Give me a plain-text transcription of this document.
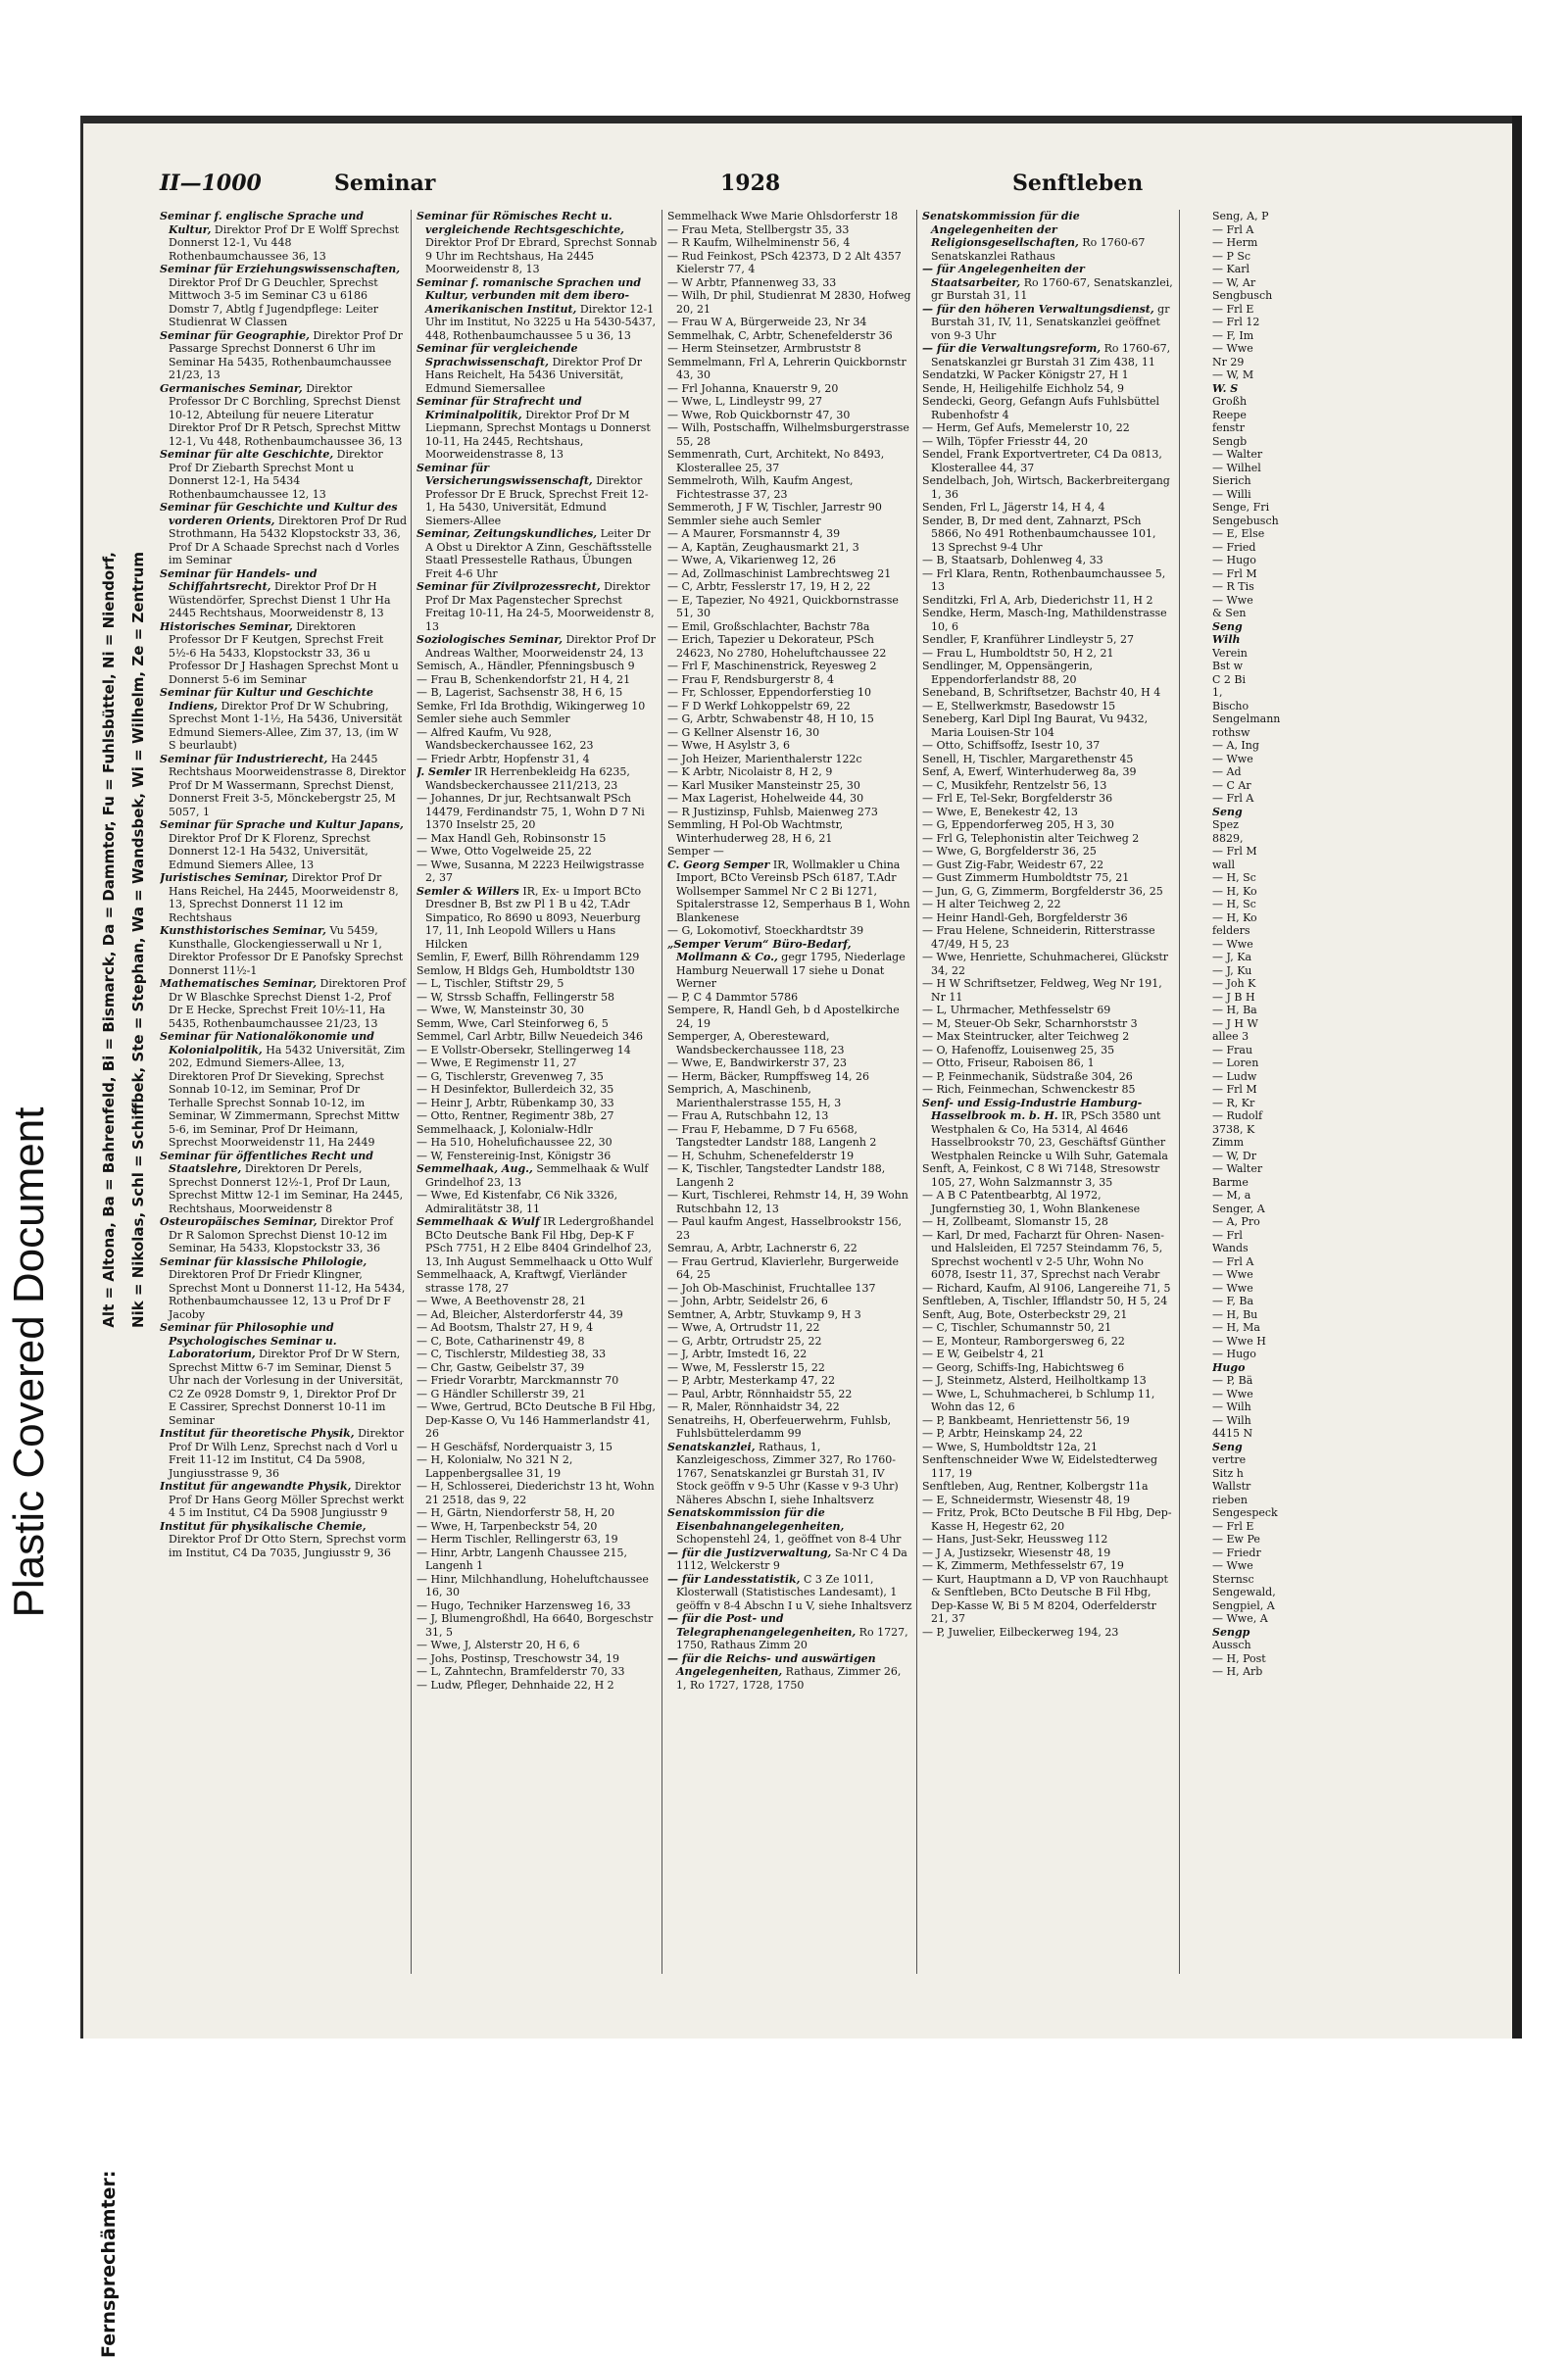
Plastic Covered Document
II—1000	Seminar	1928	Senftleben
Fernsprechämter:
Alt = Altona, Ba = Bahrenfeld, Bi = Bismarck, Da = Dammtor, Fu = Fuhlsbüttel, Ni = Niendorf, Nik = Nikolas, Schl = Schiffbek, Ste = Stephan, Wa = Wandsbek, Wi = Wilhelm, Ze = Zentrum

Seminar f. englische Sprache und Kultur, Direktor Prof Dr E Wolff Sprechst Donnerst 12-1, Vu 448 Rothenbaumchaussee 36, 13

Seminar für Erziehungswissenschaften, Direktor Prof Dr G Deuchler, Sprechst Mittwoch 3-5 im Seminar C3 u 6186 Domstr 7, Abtlg f Jugendpflege: Leiter Studienrat W Classen

Seminar für Geographie, Direktor Prof Dr Passarge Sprechst Donnerst 6 Uhr im Seminar Ha 5435, Rothenbaumchaussee 21/23, 13

Germanisches Seminar, Direktor Professor Dr C Borchling, Sprechst Dienst 10-12, Abteilung für neuere Literatur Direktor Prof Dr R Petsch, Sprechst Mittw 12-1, Vu 448, Rothenbaumchaussee 36, 13

Seminar für alte Geschichte, Direktor Prof Dr Ziebarth Sprechst Mont u Donnerst 12-1, Ha 5434 Rothenbaumchaussee 12, 13

Seminar für Geschichte und Kultur des vorderen Orients, Direktoren Prof Dr Rud Strothmann, Ha 5432 Klopstockstr 33, 36, Prof Dr A Schaade Sprechst nach d Vorles im Seminar

Seminar für Handels- und Schiffahrtsrecht, Direktor Prof Dr H Wüstendörfer, Sprechst Dienst 1 Uhr Ha 2445 Rechtshaus, Moorweidenstr 8, 13

Historisches Seminar, Direktoren Professor Dr F Keutgen, Sprechst Freit 5½-6 Ha 5433, Klopstockstr 33, 36 u Professor Dr J Hashagen Sprechst Mont u Donnerst 5-6 im Seminar

Seminar für Kultur und Geschichte Indiens, Direktor Prof Dr W Schubring, Sprechst Mont 1-1½, Ha 5436, Universität Edmund Siemers-Allee, Zim 37, 13, (im W S beurlaubt)

Seminar für Industrierecht, Ha 2445 Rechtshaus Moorweidenstrasse 8, Direktor Prof Dr M Wassermann, Sprechst Dienst, Donnerst Freit 3-5, Mönckebergstr 25, M 5057, 1

Seminar für Sprache und Kultur Japans, Direktor Prof Dr K Florenz, Sprechst Donnerst 12-1 Ha 5432, Universität, Edmund Siemers Allee, 13

Juristisches Seminar, Direktor Prof Dr Hans Reichel, Ha 2445, Moorweidenstr 8, 13, Sprechst Donnerst 11 12 im Rechtshaus

Kunsthistorisches Seminar, Vu 5459, Kunsthalle, Glockengiesserwall u Nr 1, Direktor Professor Dr E Panofsky Sprechst Donnerst 11½-1

Mathematisches Seminar, Direktoren Prof Dr W Blaschke Sprechst Dienst 1-2, Prof Dr E Hecke, Sprechst Freit 10½-11, Ha 5435, Rothenbaumchaussee 21/23, 13

Seminar für Nationalökonomie und Kolonialpolitik, Ha 5432 Universität, Zim 202, Edmund Siemers-Allee, 13, Direktoren Prof Dr Sieveking, Sprechst Sonnab 10-12, im Seminar, Prof Dr Terhalle Sprechst Sonnab 10-12, im Seminar, W Zimmermann, Sprechst Mittw 5-6, im Seminar, Prof Dr Heimann, Sprechst Moorweidenstr 11, Ha 2449

Seminar für öffentliches Recht und Staatslehre, Direktoren Dr Perels, Sprechst Donnerst 12½-1, Prof Dr Laun, Sprechst Mittw 12-1 im Seminar, Ha 2445, Rechtshaus, Moorweidenstr 8

Osteuropäisches Seminar, Direktor Prof Dr R Salomon Sprechst Dienst 10-12 im Seminar, Ha 5433, Klopstockstr 33, 36

Seminar für klassische Philologie, Direktoren Prof Dr Friedr Klingner, Sprechst Mont u Donnerst 11-12, Ha 5434, Rothenbaumchaussee 12, 13 u Prof Dr F Jacoby

Seminar für Philosophie und Psychologisches Seminar u. Laboratorium, Direktor Prof Dr W Stern, Sprechst Mittw 6-7 im Seminar, Dienst 5 Uhr nach der Vorlesung in der Universität, C2 Ze 0928 Domstr 9, 1, Direktor Prof Dr E Cassirer, Sprechst Donnerst 10-11 im Seminar

Institut für theoretische Physik, Direktor Prof Dr Wilh Lenz, Sprechst nach d Vorl u Freit 11-12 im Institut, C4 Da 5908, Jungiusstrasse 9, 36

Institut für angewandte Physik, Direktor Prof Dr Hans Georg Möller Sprechst werkt 4 5 im Institut, C4 Da 5908 Jungiusstr 9

Institut für physikalische Chemie, Direktor Prof Dr Otto Stern, Sprechst vorm im Institut, C4 Da 7035, Jungiusstr 9, 36

Seminar für Römisches Recht u. vergleichende Rechtsgeschichte, Direktor Prof Dr Ebrard, Sprechst Sonnab 9 Uhr im Rechtshaus, Ha 2445 Moorweidenstr 8, 13

Seminar f. romanische Sprachen und Kultur, verbunden mit dem ibero-Amerikanischen Institut, Direktor 12-1 Uhr im Institut, No 3225 u Ha 5430-5437, 448, Rothenbaumchaussee 5 u 36, 13

Seminar für vergleichende Sprachwissenschaft, Direktor Prof Dr Hans Reichelt, Ha 5436 Universität, Edmund Siemersallee

Seminar für Strafrecht und Kriminalpolitik, Direktor Prof Dr M Liepmann, Sprechst Montags u Donnerst 10-11, Ha 2445, Rechtshaus, Moorweidenstrasse 8, 13

Seminar für Versicherungswissenschaft, Direktor Professor Dr E Bruck, Sprechst Freit 12-1, Ha 5430, Universität, Edmund Siemers-Allee

Seminar, Zeitungskundliches, Leiter Dr A Obst u Direktor A Zinn, Geschäftsstelle Staatl Pressestelle Rathaus, Übungen Freit 4-6 Uhr

Seminar für Zivilprozessrecht, Direktor Prof Dr Max Pagenstecher Sprechst Freitag 10-11, Ha 24-5, Moorweidenstr 8, 13

Soziologisches Seminar, Direktor Prof Dr Andreas Walther, Moorweidenstr 24, 13

Semisch, A., Händler, Pfenningsbusch 9

— Frau B, Schenkendorfstr 21, H 4, 21

— B, Lagerist, Sachsenstr 38, H 6, 15

Semke, Frl Ida Brothdig, Wikingerweg 10

Semler siehe auch Semmler

— Alfred Kaufm, Vu 928, Wandsbeckerchaussee 162, 23

— Friedr Arbtr, Hopfenstr 31, 4

J. Semler IR Herrenbekleidg Ha 6235, Wandsbeckerchaussee 211/213, 23

— Johannes, Dr jur, Rechtsanwalt PSch 14479, Ferdinandstr 75, 1, Wohn D 7 Ni 1370 Inselstr 25, 20

— Max Handl Geh, Robinsonstr 15

— Wwe, Otto Vogelweide 25, 22

— Wwe, Susanna, M 2223 Heilwigstrasse 2, 37

Semler & Willers IR, Ex- u Import BCto Dresdner B, Bst zw Pl 1 B u 42, T.Adr Simpatico, Ro 8690 u 8093, Neuerburg 17, 11, Inh Leopold Willers u Hans Hilcken

Semlin, F, Ewerf, Billh Röhrendamm 129

Semlow, H Bldgs Geh, Humboldtstr 130

— L, Tischler, Stiftstr 29, 5

— W, Strssb Schaffn, Fellingerstr 58

— Wwe, W, Mansteinstr 30, 30

Semm, Wwe, Carl Steinforweg 6, 5

Semmel, Carl Arbtr, Billw Neuedeich 346

— E Vollstr-Obersekr, Stellingerweg 14

— Wwe, E Regimenstr 11, 27

— G, Tischlerstr, Grevenweg 7, 35

— H Desinfektor, Bullerdeich 32, 35

— Heinr J, Arbtr, Rübenkamp 30, 33

— Otto, Rentner, Regimentr 38b, 27

Semmelhaack, J, Kolonialw-Hdlr

— Ha 510, Hohelufichaussee 22, 30

— W, Fenstereinig-Inst, Königstr 36

Semmelhaak, Aug., Semmelhaak & Wulf Grindelhof 23, 13

— Wwe, Ed Kistenfabr, C6 Nik 3326, Admiralitätstr 38, 11

Semmelhaak & Wulf IR Ledergroßhandel BCto Deutsche Bank Fil Hbg, Dep-K F PSch 7751, H 2 Elbe 8404 Grindelhof 23, 13, Inh August Semmelhaack u Otto Wulf

Semmelhaack, A, Kraftwgf, Vierländer strasse 178, 27

— Wwe, A Beethovenstr 28, 21

— Ad, Bleicher, Alsterdorferstr 44, 39

— Ad Bootsm, Thalstr 27, H 9, 4

— C, Bote, Catharinenstr 49, 8

— C, Tischlerstr, Mildestieg 38, 33

— Chr, Gastw, Geibelstr 37, 39

— Friedr Vorarbtr, Marckmannstr 70

— G Händler Schillerstr 39, 21

— Wwe, Gertrud, BCto Deutsche B Fil Hbg, Dep-Kasse O, Vu 146 Hammerlandstr 41, 26

— H Geschäfsf, Norderquaistr 3, 15

— H, Kolonialw, No 321 N 2, Lappenbergsallee 31, 19

— H, Schlosserei, Diederichstr 13 ht, Wohn 21 2518, das 9, 22

— H, Gärtn, Niendorferstr 58, H, 20

— Wwe, H, Tarpenbeckstr 54, 20

— Herm Tischler, Rellingerstr 63, 19

— Hinr, Arbtr, Langenh Chaussee 215, Langenh 1

— Hinr, Milchhandlung, Hoheluftchaussee 16, 30

— Hugo, Techniker Harzensweg 16, 33

— J, Blumengroßhdl, Ha 6640, Borgeschstr 31, 5

— Wwe, J, Alsterstr 20, H 6, 6

— Johs, Postinsp, Treschowstr 34, 19

— L, Zahntechn, Bramfelderstr 70, 33

— Ludw, Pfleger, Dehnhaide 22, H 2

Semmelhack Wwe Marie Ohlsdorferstr 18

— Frau Meta, Stellbergstr 35, 33

— R Kaufm, Wilhelminenstr 56, 4

— Rud Feinkost, PSch 42373, D 2 Alt 4357 Kielerstr 77, 4

— W Arbtr, Pfannenweg 33, 33

— Wilh, Dr phil, Studienrat M 2830, Hofweg 20, 21

— Frau W A, Bürgerweide 23, Nr 34

Semmelhak, C, Arbtr, Schenefelderstr 36

— Herm Steinsetzer, Armbruststr 8

Semmelmann, Frl A, Lehrerin Quickbornstr 43, 30

— Frl Johanna, Knauerstr 9, 20

— Wwe, L, Lindleystr 99, 27

— Wwe, Rob Quickbornstr 47, 30

— Wilh, Postschaffn, Wilhelmsburgerstrasse 55, 28

Semmenrath, Curt, Architekt, No 8493, Klosterallee 25, 37

Semmelroth, Wilh, Kaufm Angest, Fichtestrasse 37, 23

Semmeroth, J F W, Tischler, Jarrestr 90

Semmler siehe auch Semler

— A Maurer, Forsmannstr 4, 39

— A, Kaptän, Zeughausmarkt 21, 3

— Wwe, A, Vikarienweg 12, 26

— Ad, Zollmaschinist Lambrechtsweg 21

— C, Arbtr, Fesslerstr 17, 19, H 2, 22

— E, Tapezier, No 4921, Quickbornstrasse 51, 30

— Emil, Großschlachter, Bachstr 78a

— Erich, Tapezier u Dekorateur, PSch 24623, No 2780, Hoheluftchaussee 22

— Frl F, Maschinenstrick, Reyesweg 2

— Frau F, Rendsburgerstr 8, 4

— Fr, Schlosser, Eppendorferstieg 10

— F D Werkf Lohkoppelstr 69, 22

— G, Arbtr, Schwabenstr 48, H 10, 15

— G Kellner Alsenstr 16, 30

— Wwe, H Asylstr 3, 6

— Joh Heizer, Marienthalerstr 122c

— K Arbtr, Nicolaistr 8, H 2, 9

— Karl Musiker Mansteinstr 25, 30

— Max Lagerist, Hohelweide 44, 30

— R Justizinsp, Fuhlsb, Maienweg 273

Semmling, H Pol-Ob Wachtmstr, Winterhuderweg 28, H 6, 21

Semper —

C. Georg Semper IR, Wollmakler u China Import, BCto Vereinsb PSch 6187, T.Adr Wollsemper Sammel Nr C 2 Bi 1271, Spitalerstrasse 12, Semperhaus B 1, Wohn Blankenese

— G, Lokomotivf, Stoeckhardtstr 39

„Semper Verum“ Büro-Bedarf, Mollmann & Co., gegr 1795, Niederlage Hamburg Neuerwall 17 siehe u Donat Werner

— P, C 4 Dammtor 5786

Sempere, R, Handl Geh, b d Apostelkirche 24, 19

Semperger, A, Oberesteward, Wandsbeckerchaussee 118, 23

— Wwe, E, Bandwirkerstr 37, 23

— Herm, Bäcker, Rumpffsweg 14, 26

Semprich, A, Maschinenb, Marienthalerstrasse 155, H, 3

— Frau A, Rutschbahn 12, 13

— Frau F, Hebamme, D 7 Fu 6568, Tangstedter Landstr 188, Langenh 2

— H, Schuhm, Schenefelderstr 19

— K, Tischler, Tangstedter Landstr 188, Langenh 2

— Kurt, Tischlerei, Rehmstr 14, H, 39 Wohn Rutschbahn 12, 13

— Paul kaufm Angest, Hasselbrookstr 156, 23

Semrau, A, Arbtr, Lachnerstr 6, 22

— Frau Gertrud, Klavierlehr, Burgerweide 64, 25

— Joh Ob-Maschinist, Fruchtallee 137

— John, Arbtr, Seidelstr 26, 6

Semtner, A, Arbtr, Stuvkamp 9, H 3

— Wwe, A, Ortrudstr 11, 22

— G, Arbtr, Ortrudstr 25, 22

— J, Arbtr, Imstedt 16, 22

— Wwe, M, Fesslerstr 15, 22

— P, Arbtr, Mesterkamp 47, 22

— Paul, Arbtr, Rönnhaidstr 55, 22

— R, Maler, Rönnhaidstr 34, 22

Senatreihs, H, Oberfeuerwehrm, Fuhlsb, Fuhlsbüttelerdamm 99

Senatskanzlei, Rathaus, 1, Kanzleigeschoss, Zimmer 327, Ro 1760-1767, Senatskanzlei gr Burstah 31, IV Stock geöffn v 9-5 Uhr (Kasse v 9-3 Uhr) Näheres Abschn I, siehe Inhaltsverz

Senatskommission für die Eisenbahnangelegenheiten, Schopenstehl 24, 1, geöffnet von 8-4 Uhr

— für die Justizverwaltung, Sa-Nr C 4 Da 1112, Welckerstr 9

— für Landesstatistik, C 3 Ze 1011, Klosterwall (Statistisches Landesamt), 1 geöffn v 8-4 Abschn I u V, siehe Inhaltsverz

— für die Post- und Telegraphenangelegenheiten, Ro 1727, 1750, Rathaus Zimm 20

— für die Reichs- und auswärtigen Angelegenheiten, Rathaus, Zimmer 26, 1, Ro 1727, 1728, 1750

Senatskommission für die Angelegenheiten der Religionsgesellschaften, Ro 1760-67 Senatskanzlei Rathaus

— für Angelegenheiten der Staatsarbeiter, Ro 1760-67, Senatskanzlei, gr Burstah 31, 11

— für den höheren Verwaltungsdienst, gr Burstah 31, IV, 11, Senatskanzlei geöffnet von 9-3 Uhr

— für die Verwaltungsreform, Ro 1760-67, Senatskanzlei gr Burstah 31 Zim 438, 11

Sendatzki, W Packer Königstr 27, H 1

Sende, H, Heiligehilfe Eichholz 54, 9

Sendecki, Georg, Gefangn Aufs Fuhlsbüttel Rubenhofstr 4

— Herm, Gef Aufs, Memelerstr 10, 22

— Wilh, Töpfer Friesstr 44, 20

Sendel, Frank Exportvertreter, C4 Da 0813, Klosterallee 44, 37

Sendelbach, Joh, Wirtsch, Backerbreitergang 1, 36

Senden, Frl L, Jägerstr 14, H 4, 4

Sender, B, Dr med dent, Zahnarzt, PSch 5866, No 491 Rothenbaumchaussee 101, 13 Sprechst 9-4 Uhr

— B, Staatsarb, Dohlenweg 4, 33

— Frl Klara, Rentn, Rothenbaumchaussee 5, 13

Senditzki, Frl A, Arb, Diederichstr 11, H 2

Sendke, Herm, Masch-Ing, Mathildenstrasse 10, 6

Sendler, F, Kranführer Lindleystr 5, 27

— Frau L, Humboldtstr 50, H 2, 21

Sendlinger, M, Oppensängerin, Eppendorferlandstr 88, 20

Seneband, B, Schriftsetzer, Bachstr 40, H 4

— E, Stellwerkmstr, Basedowstr 15

Seneberg, Karl Dipl Ing Baurat, Vu 9432, Maria Louisen-Str 104

— Otto, Schiffsoffz, Isestr 10, 37

Senell, H, Tischler, Margarethenstr 45

Senf, A, Ewerf, Winterhuderweg 8a, 39

— C, Musikfehr, Rentzelstr 56, 13

— Frl E, Tel-Sekr, Borgfelderstr 36

— Wwe, E, Benekestr 42, 13

— G, Eppendorferweg 205, H 3, 30

— Frl G, Telephonistin alter Teichweg 2

— Wwe, G, Borgfelderstr 36, 25

— Gust Zig-Fabr, Weidestr 67, 22

— Gust Zimmerm Humboldtstr 75, 21

— Jun, G, G, Zimmerm, Borgfelderstr 36, 25

— H alter Teichweg 2, 22

— Heinr Handl-Geh, Borgfelderstr 36

— Frau Helene, Schneiderin, Ritterstrasse 47/49, H 5, 23

— Wwe, Henriette, Schuhmacherei, Glückstr 34, 22

— H W Schriftsetzer, Feldweg, Weg Nr 191, Nr 11

— L, Uhrmacher, Methfesselstr 69

— M, Steuer-Ob Sekr, Scharnhorststr 3

— Max Steintrucker, alter Teichweg 2

— O, Hafenoffz, Louisenweg 25, 35

— Otto, Friseur, Raboisen 86, 1

— P, Feinmechanik, Südstraße 304, 26

— Rich, Feinmechan, Schwenckestr 85

Senf- und Essig-Industrie Hamburg-Hasselbrook m. b. H. IR, PSch 3580 unt Westphalen & Co, Ha 5314, Al 4646 Hasselbrookstr 70, 23, Geschäftsf Günther Westphalen Reincke u Wilh Suhr, Gatemala

Senft, A, Feinkost, C 8 Wi 7148, Stresowstr 105, 27, Wohn Salzmannstr 3, 35

— A B C Patentbearbtg, Al 1972, Jungfernstieg 30, 1, Wohn Blankenese

— H, Zollbeamt, Slomanstr 15, 28

— Karl, Dr med, Facharzt für Ohren- Nasen- und Halsleiden, El 7257 Steindamm 76, 5, Sprechst wochentl v 2-5 Uhr, Wohn No 6078, Isestr 11, 37, Sprechst nach Verabr

— Richard, Kaufm, Al 9106, Langereihe 71, 5

Senftleben, A, Tischler, Ifflandstr 50, H 5, 24

Senft, Aug, Bote, Osterbeckstr 29, 21

— C, Tischler, Schumannstr 50, 21

— E, Monteur, Ramborgersweg 6, 22

— E W, Geibelstr 4, 21

— Georg, Schiffs-Ing, Habichtsweg 6

— J, Steinmetz, Alsterd, Heilholtkamp 13

— Wwe, L, Schuhmacherei, b Schlump 11, Wohn das 12, 6

— P, Bankbeamt, Henriettenstr 56, 19

— P, Arbtr, Heinskamp 24, 22

— Wwe, S, Humboldtstr 12a, 21

Senftenschneider Wwe W, Eidelstedterweg 117, 19

Senftleben, Aug, Rentner, Kolbergstr 11a

— E, Schneidermstr, Wiesenstr 48, 19

— Fritz, Prok, BCto Deutsche B Fil Hbg, Dep-Kasse H, Hegestr 62, 20

— Hans, Just-Sekr, Heussweg 112

— J A, Justizsekr, Wiesenstr 48, 19

— K, Zimmerm, Methfesselstr 67, 19

— Kurt, Hauptmann a D, VP von Rauchhaupt & Senftleben, BCto Deutsche B Fil Hbg, Dep-Kasse W, Bi 5 M 8204, Oderfelderstr 21, 37

— P, Juwelier, Eilbeckerweg 194, 23

Seng, A, P

— Frl A

— Herm

— P Sc

— Karl

— W, Ar

Sengbusch

— Frl E

— Frl 12

— F, Im

— Wwe

Nr 29

— W, M

W. S

Großh

Reepe

fenstr

Sengb

— Walter

— Wilhel

Sierich

— Willi

Senge, Fri

Sengebusch

— E, Else

— Fried

— Hugo

— Frl M

— R Tis

— Wwe

& Sen

Seng

Wilh

Verein

Bst w

C 2 Bi

1,

Bischo

Sengelmann

rothsw

— A, Ing

— Wwe

— Ad

— C Ar

— Frl A

Seng

Spez

8829,

— Frl M

wall

— H, Sc

— H, Ko

— H, Sc

— H, Ko

felders

— Wwe

— J, Ka

— J, Ku

— Joh K

— J B H

— H, Ba

— J H W

allee 3

— Frau

— Loren

— Ludw

— Frl M

— R, Kr

— Rudolf

3738, K

Zimm

— W, Dr

— Walter

Barme

— M, a

Senger, A

— A, Pro

— Frl

Wands

— Frl A

— Wwe

— Wwe

— F, Ba

— H, Bu

— H, Ma

— Wwe H

— Hugo

Hugo

— P, Bä

— Wwe

— Wilh

— Wilh

4415 N

Seng

vertre

Sitz h

Wallstr

rieben

Sengespeck

— Frl E

— Ew Pe

— Friedr

— Wwe

Sternsc

Sengewald,

Sengpiel, A

— Wwe, A

Sengp

Aussch

— H, Post

— H, Arb
